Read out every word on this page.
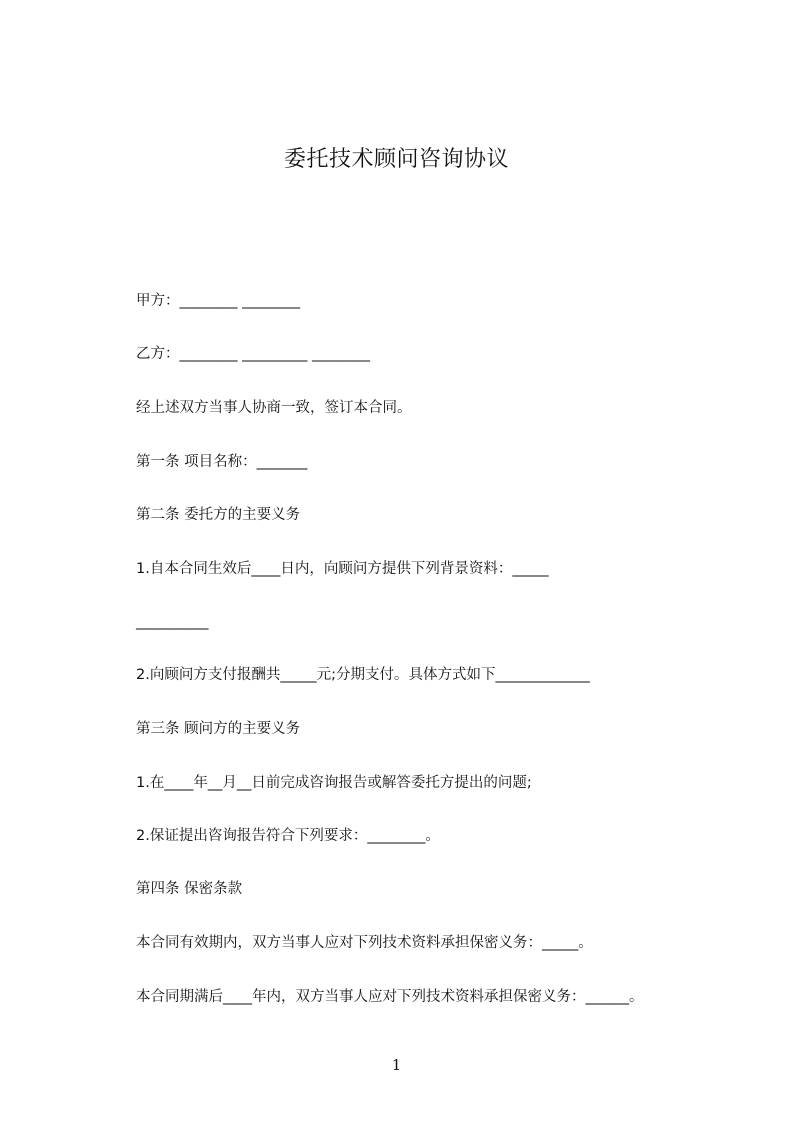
委托技术顾问咨询协议
甲方：________ ________
乙方：________ _________ ________
经上述双方当事人协商一致，签订本合同。
第一条 项目名称：_______
第二条 委托方的主要义务
1.自本合同生效后____日内，向顾问方提供下列背景资料：_____
__________
2.向顾问方支付报酬共_____元;分期支付。具体方式如下_____________
第三条 顾问方的主要义务
1.在____年__月__日前完成咨询报告或解答委托方提出的问题;
2.保证提出咨询报告符合下列要求：________。
第四条 保密条款
本合同有效期内，双方当事人应对下列技术资料承担保密义务：_____。
本合同期满后____年内，双方当事人应对下列技术资料承担保密义务：______。
1
